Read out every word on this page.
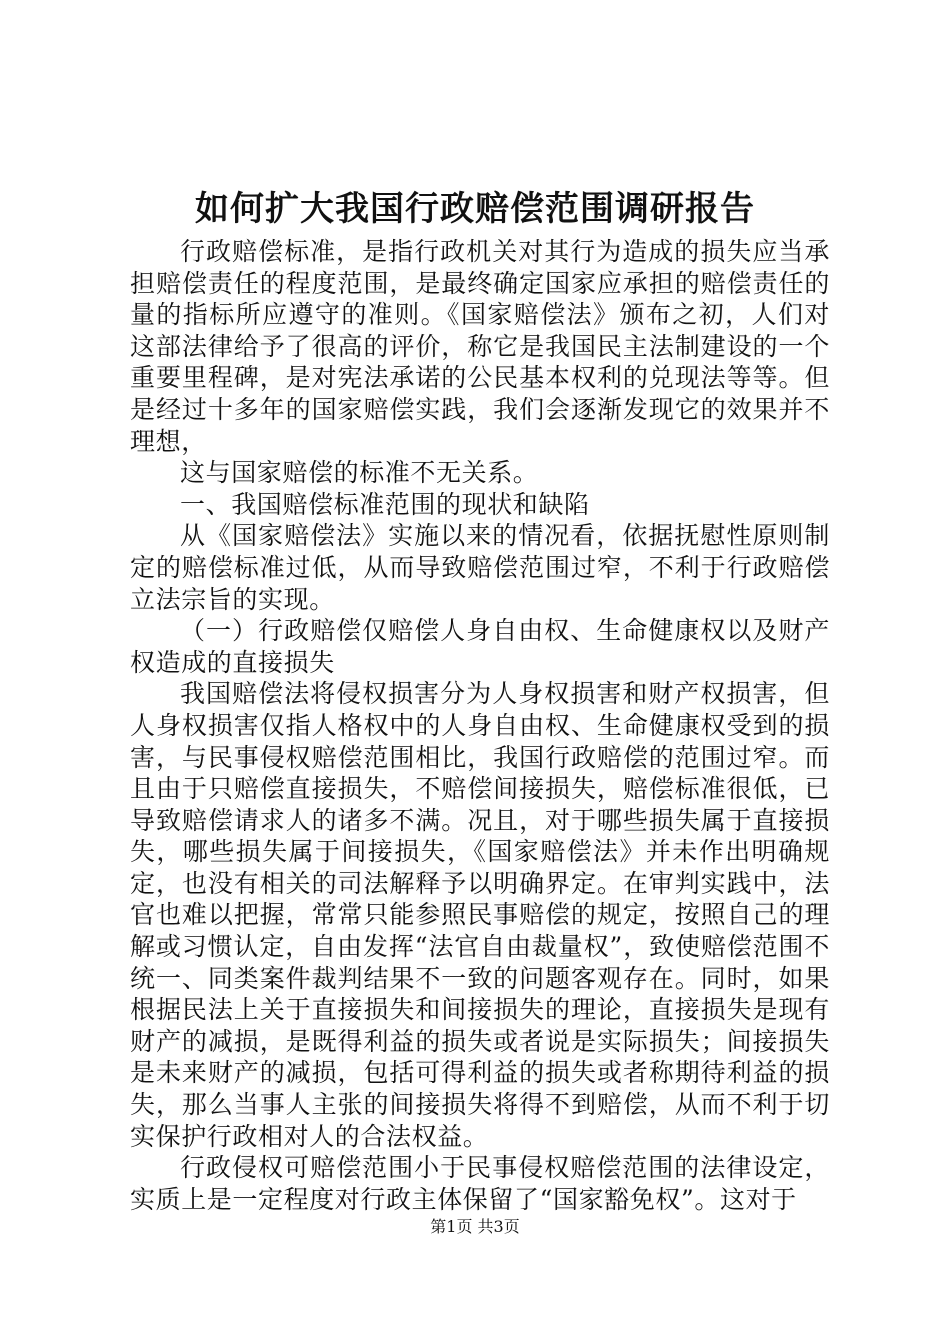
如何扩大我国行政赔偿范围调研报告

行政赔偿标准，是指行政机关对其行为造成的损失应当承担赔偿责任的程度范围，是最终确定国家应承担的赔偿责任的量的指标所应遵守的准则。《国家赔偿法》颁布之初，人们对这部法律给予了很高的评价，称它是我国民主法制建设的一个重要里程碑，是对宪法承诺的公民基本权利的兑现法等等。但是经过十多年的国家赔偿实践，我们会逐渐发现它的效果并不理想，

这与国家赔偿的标准不无关系。

一、我国赔偿标准范围的现状和缺陷

从《国家赔偿法》实施以来的情况看，依据抚慰性原则制定的赔偿标准过低，从而导致赔偿范围过窄，不利于行政赔偿立法宗旨的实现。

（一）行政赔偿仅赔偿人身自由权、生命健康权以及财产权造成的直接损失

我国赔偿法将侵权损害分为人身权损害和财产权损害，但人身权损害仅指人格权中的人身自由权、生命健康权受到的损害，与民事侵权赔偿范围相比，我国行政赔偿的范围过窄。而且由于只赔偿直接损失，不赔偿间接损失，赔偿标准很低，已导致赔偿请求人的诸多不满。况且，对于哪些损失属于直接损失，哪些损失属于间接损失，《国家赔偿法》并未作出明确规定，也没有相关的司法解释予以明确界定。在审判实践中，法官也难以把握，常常只能参照民事赔偿的规定，按照自己的理解或习惯认定，自由发挥“法官自由裁量权”，致使赔偿范围不统一、同类案件裁判结果不一致的问题客观存在。同时，如果根据民法上关于直接损失和间接损失的理论，直接损失是现有财产的减损，是既得利益的损失或者说是实际损失；间接损失是未来财产的减损，包括可得利益的损失或者称期待利益的损失，那么当事人主张的间接损失将得不到赔偿，从而不利于切实保护行政相对人的合法权益。

行政侵权可赔偿范围小于民事侵权赔偿范围的法律设定，实质上是一定程度对行政主体保留了“国家豁免权”。这对于

第1页 共3页
